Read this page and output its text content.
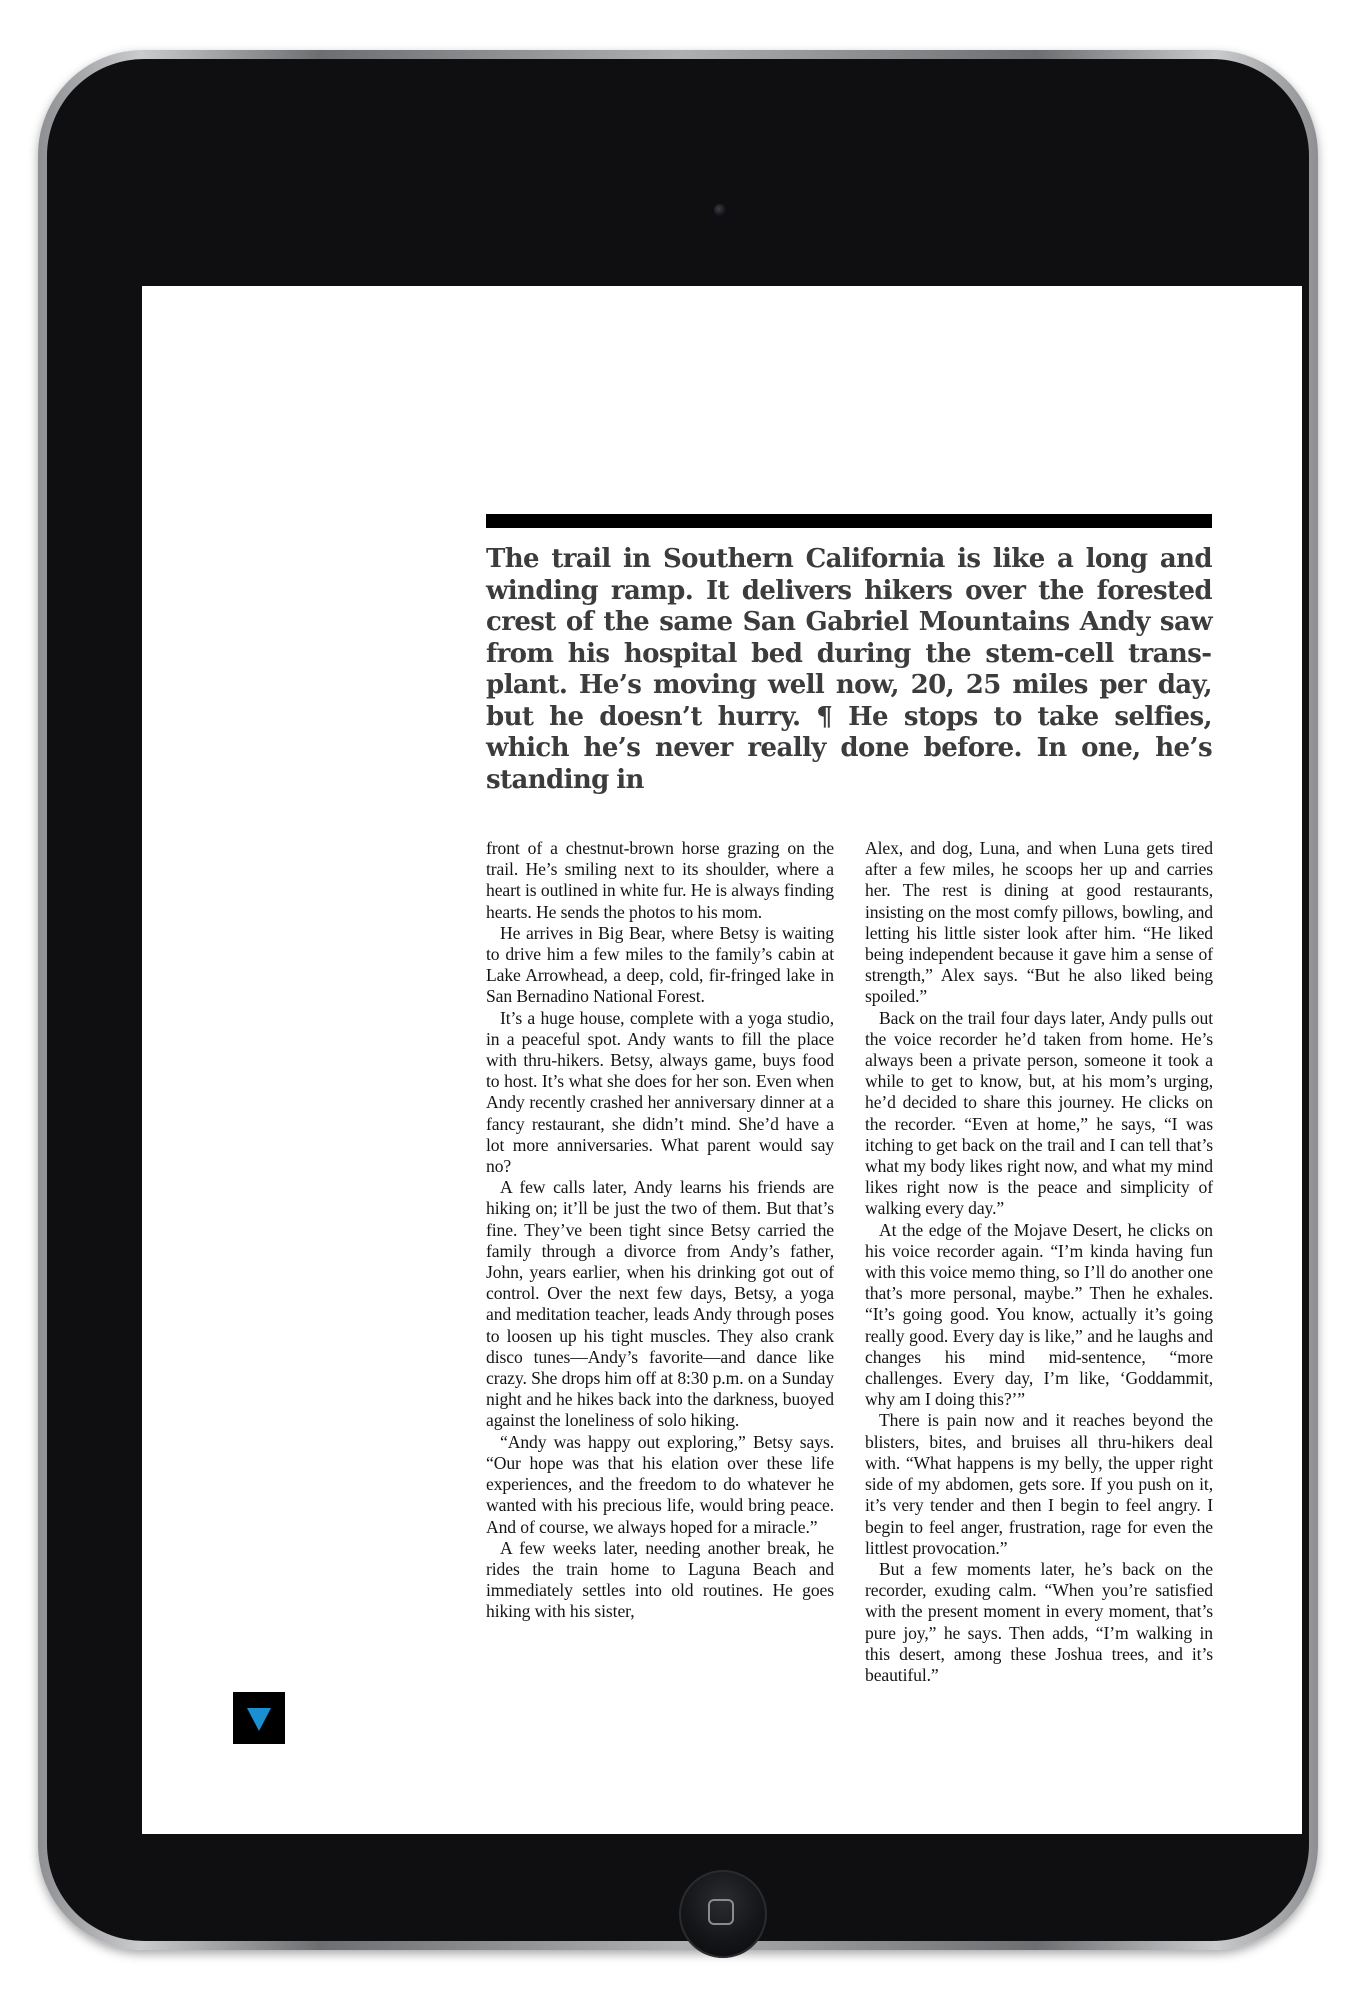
The trail in Southern California is like a long and winding ramp. It delivers hikers over the forested crest of the same San Gabriel Mountains Andy saw from his hospital bed during the stem-cell transplant. He’s moving well now, 20, 25 miles per day, but he doesn’t hurry. ¶ He stops to take selfies, which he’s never really done before. In one, he’s standing in

front of a chestnut-brown horse grazing on the trail. He’s smiling next to its shoulder, where a heart is outlined in white fur. He is always finding hearts. He sends the photos to his mom.

He arrives in Big Bear, where Betsy is waiting to drive him a few miles to the family’s cabin at Lake Arrowhead, a deep, cold, fir-fringed lake in San Bernadino National Forest.

It’s a huge house, complete with a yoga studio, in a peaceful spot. Andy wants to fill the place with thru-hikers. Betsy, always game, buys food to host. It’s what she does for her son. Even when Andy recently crashed her anniversary dinner at a fancy restaurant, she didn’t mind. She’d have a lot more anniversaries. What parent would say no?

A few calls later, Andy learns his friends are hiking on; it’ll be just the two of them. But that’s fine. They’ve been tight since Betsy carried the family through a divorce from Andy’s father, John, years earlier, when his drinking got out of control. Over the next few days, Betsy, a yoga and meditation teacher, leads Andy through poses to loosen up his tight muscles. They also crank disco tunes—Andy’s favorite—and dance like crazy. She drops him off at 8:30 p.m. on a Sunday night and he hikes back into the darkness, buoyed against the loneliness of solo hiking.

“Andy was happy out exploring,” Betsy says. “Our hope was that his elation over these life experiences, and the freedom to do whatever he wanted with his precious life, would bring peace. And of course, we always hoped for a miracle.”

A few weeks later, needing another break, he rides the train home to Laguna Beach and immediately settles into old routines. He goes hiking with his sister,

Alex, and dog, Luna, and when Luna gets tired after a few miles, he scoops her up and carries her. The rest is dining at good restaurants, insisting on the most comfy pillows, bowling, and letting his little sister look after him. “He liked being independent because it gave him a sense of strength,” Alex says. “But he also liked being spoiled.”

Back on the trail four days later, Andy pulls out the voice recorder he’d taken from home. He’s always been a private person, someone it took a while to get to know, but, at his mom’s urging, he’d decided to share this journey. He clicks on the recorder. “Even at home,” he says, “I was itching to get back on the trail and I can tell that’s what my body likes right now, and what my mind likes right now is the peace and simplicity of walking every day.”

At the edge of the Mojave Desert, he clicks on his voice recorder again. “I’m kinda having fun with this voice memo thing, so I’ll do another one that’s more personal, maybe.” Then he exhales. “It’s going good. You know, actually it’s going really good. Every day is like,” and he laughs and changes his mind mid-sentence, “more challenges. Every day, I’m like, ‘Goddammit, why am I doing this?’”

There is pain now and it reaches beyond the blisters, bites, and bruises all thru-hikers deal with. “What happens is my belly, the upper right side of my abdomen, gets sore. If you push on it, it’s very tender and then I begin to feel angry. I begin to feel anger, frustration, rage for even the littlest provocation.”

But a few moments later, he’s back on the recorder, exuding calm. “When you’re satisfied with the present moment in every moment, that’s pure joy,” he says. Then adds, “I’m walking in this desert, among these Joshua trees, and it’s beautiful.”
